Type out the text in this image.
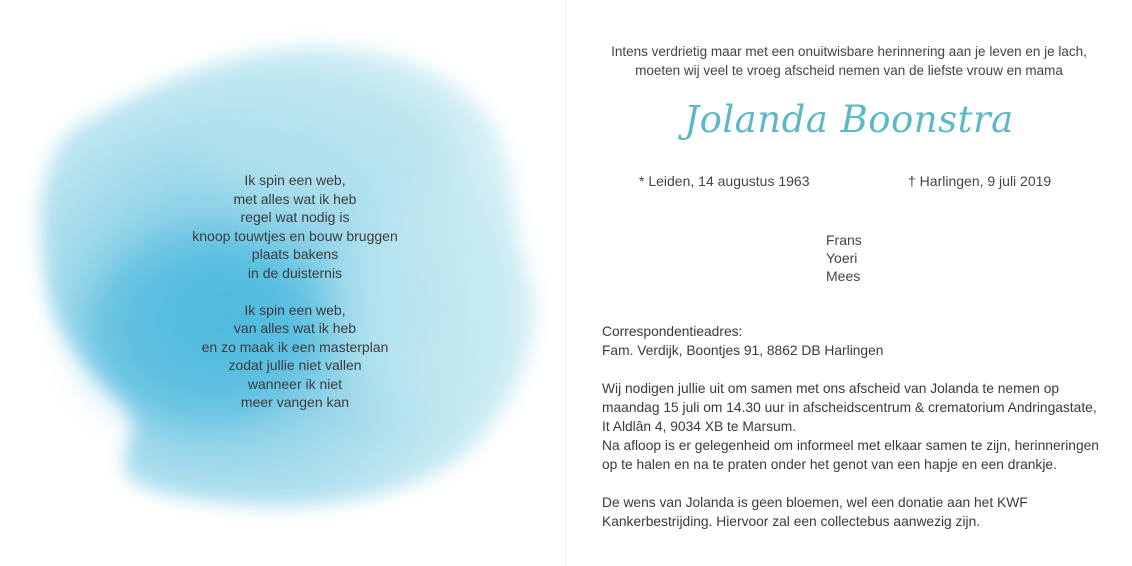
Ik spin een web,
met alles wat ik heb
regel wat nodig is
knoop touwtjes en bouw bruggen
plaats bakens
in de duisternis
Ik spin een web,
van alles wat ik heb
en zo maak ik een masterplan
zodat jullie niet vallen
wanneer ik niet
meer vangen kan
Intens verdrietig maar met een onuitwisbare herinnering aan je leven en je lach,
moeten wij veel te vroeg afscheid nemen van de liefste vrouw en mama
Jolanda Boonstra
* Leiden, 14 augustus 1963	† Harlingen, 9 juli 2019
Frans
Yoeri
Mees

Correspondentieadres:
Fam. Verdijk, Boontjes 91, 8862 DB Harlingen

Wij nodigen jullie uit om samen met ons afscheid van Jolanda te nemen op
maandag 15 juli om 14.30 uur in afscheidscentrum & crematorium Andringastate,
It Aldlân 4, 9034 XB te Marsum.
Na afloop is er gelegenheid om informeel met elkaar samen te zijn, herinneringen
op te halen en na te praten onder het genot van een hapje en een drankje.

De wens van Jolanda is geen bloemen, wel een donatie aan het KWF
Kankerbestrijding. Hiervoor zal een collectebus aanwezig zijn.
